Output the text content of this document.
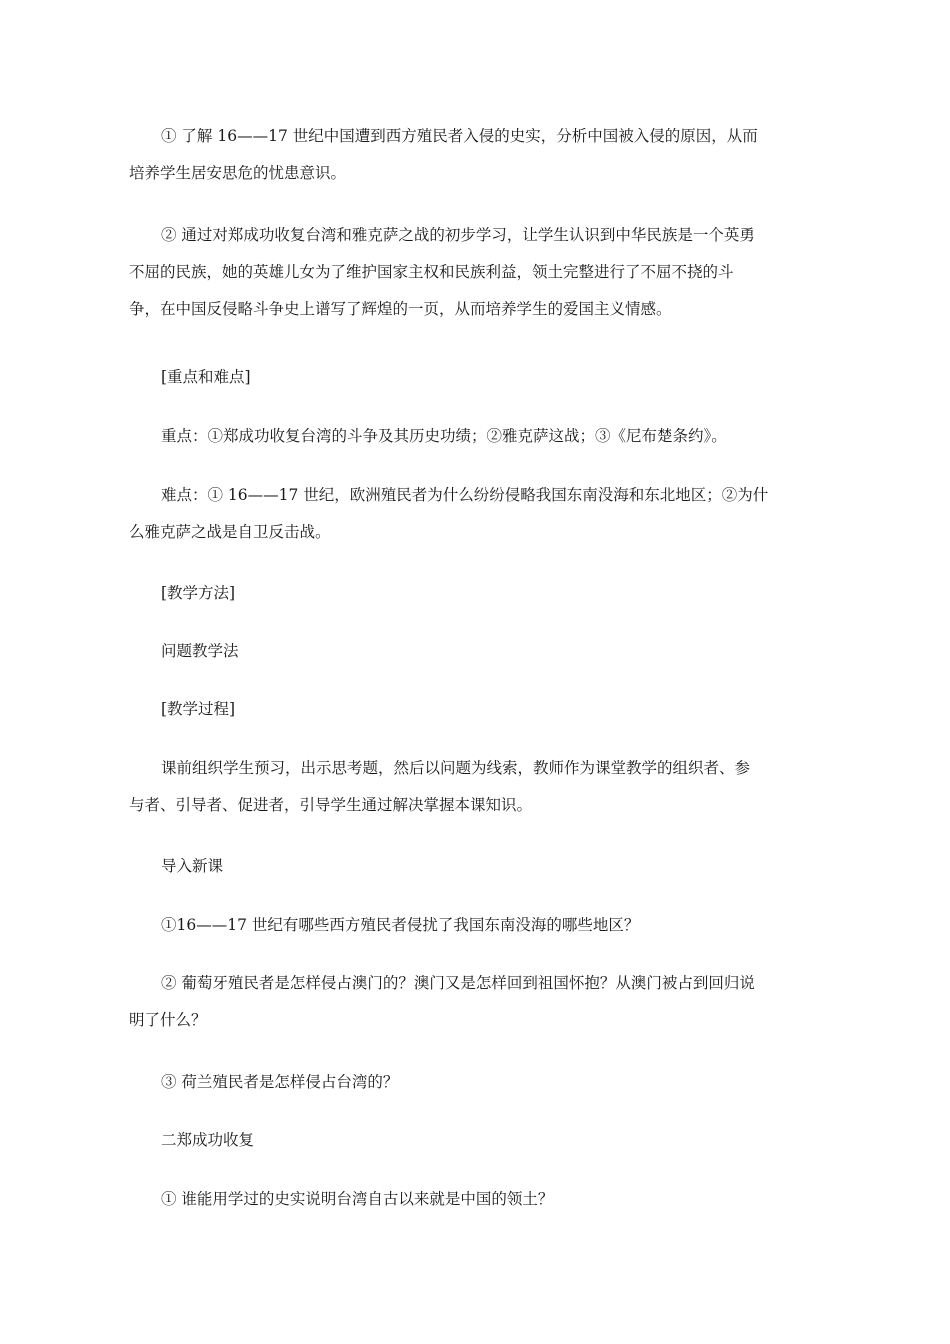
① 了解 16——17 世纪中国遭到西方殖民者入侵的史实，分析中国被入侵的原因，从而
培养学生居安思危的忧患意识。

② 通过对郑成功收复台湾和雅克萨之战的初步学习，让学生认识到中华民族是一个英勇
不屈的民族，她的英雄儿女为了维护国家主权和民族利益，领土完整进行了不屈不挠的斗
争，在中国反侵略斗争史上谱写了辉煌的一页，从而培养学生的爱国主义情感。

[重点和难点]

重点：①郑成功收复台湾的斗争及其历史功绩；②雅克萨这战；③《尼布楚条约》。

难点：① 16——17 世纪，欧洲殖民者为什么纷纷侵略我国东南没海和东北地区；②为什
么雅克萨之战是自卫反击战。

[教学方法]

问题教学法

[教学过程]

课前组织学生预习，出示思考题，然后以问题为线索，教师作为课堂教学的组织者、参
与者、引导者、促进者，引导学生通过解决掌握本课知识。

导入新课

①16——17 世纪有哪些西方殖民者侵扰了我国东南没海的哪些地区？

② 葡萄牙殖民者是怎样侵占澳门的？澳门又是怎样回到祖国怀抱？从澳门被占到回归说
明了什么？

③ 荷兰殖民者是怎样侵占台湾的？

二郑成功收复

① 谁能用学过的史实说明台湾自古以来就是中国的领土？
